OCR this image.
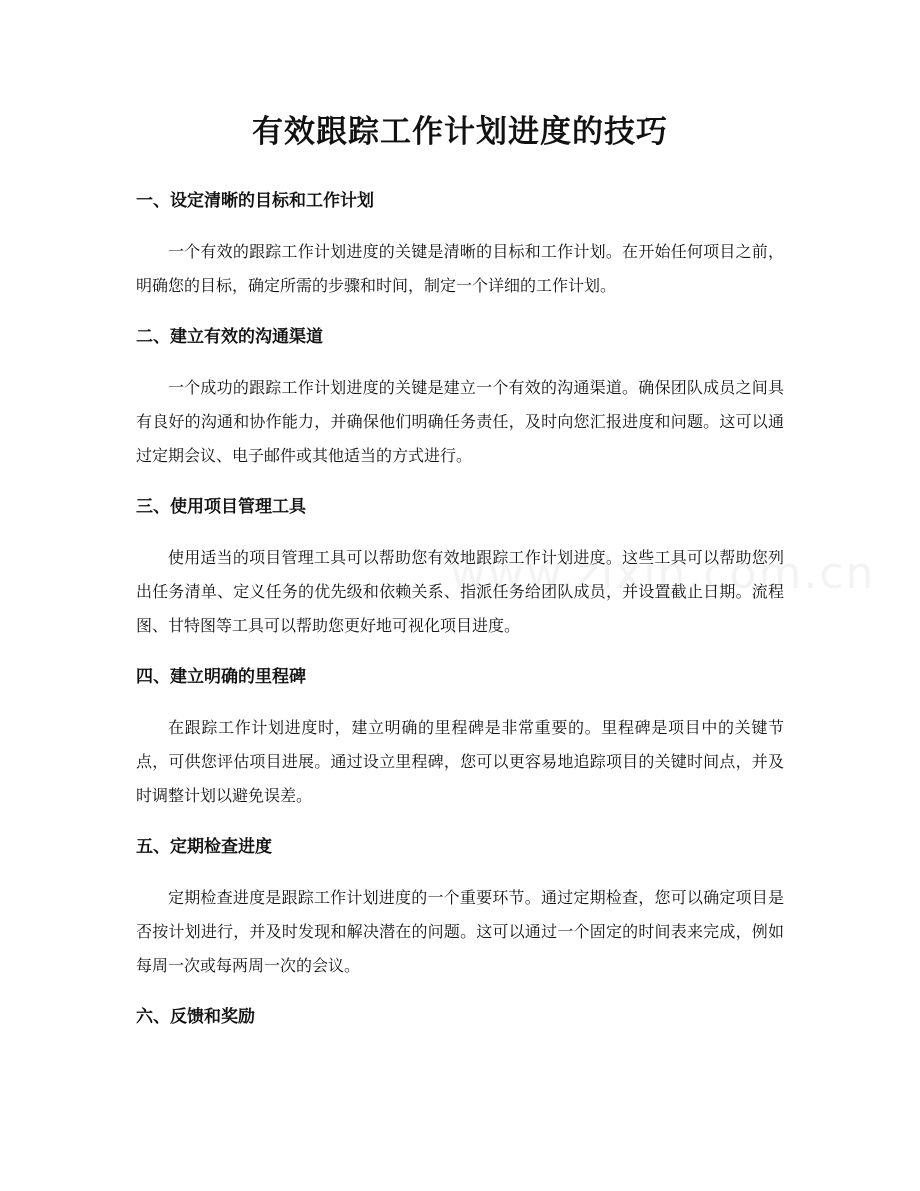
有效跟踪工作计划进度的技巧
一、设定清晰的目标和工作计划

一个有效的跟踪工作计划进度的关键是清晰的目标和工作计划。在开始任何项目之前，明确您的目标，确定所需的步骤和时间，制定一个详细的工作计划。

二、建立有效的沟通渠道

一个成功的跟踪工作计划进度的关键是建立一个有效的沟通渠道。确保团队成员之间具有良好的沟通和协作能力，并确保他们明确任务责任，及时向您汇报进度和问题。这可以通过定期会议、电子邮件或其他适当的方式进行。

三、使用项目管理工具

使用适当的项目管理工具可以帮助您有效地跟踪工作计划进度。这些工具可以帮助您列出任务清单、定义任务的优先级和依赖关系、指派任务给团队成员，并设置截止日期。流程图、甘特图等工具可以帮助您更好地可视化项目进度。

四、建立明确的里程碑

在跟踪工作计划进度时，建立明确的里程碑是非常重要的。里程碑是项目中的关键节点，可供您评估项目进展。通过设立里程碑，您可以更容易地追踪项目的关键时间点，并及时调整计划以避免误差。

五、定期检查进度

定期检查进度是跟踪工作计划进度的一个重要环节。通过定期检查，您可以确定项目是否按计划进行，并及时发现和解决潜在的问题。这可以通过一个固定的时间表来完成，例如每周一次或每两周一次的会议。

六、反馈和奖励
